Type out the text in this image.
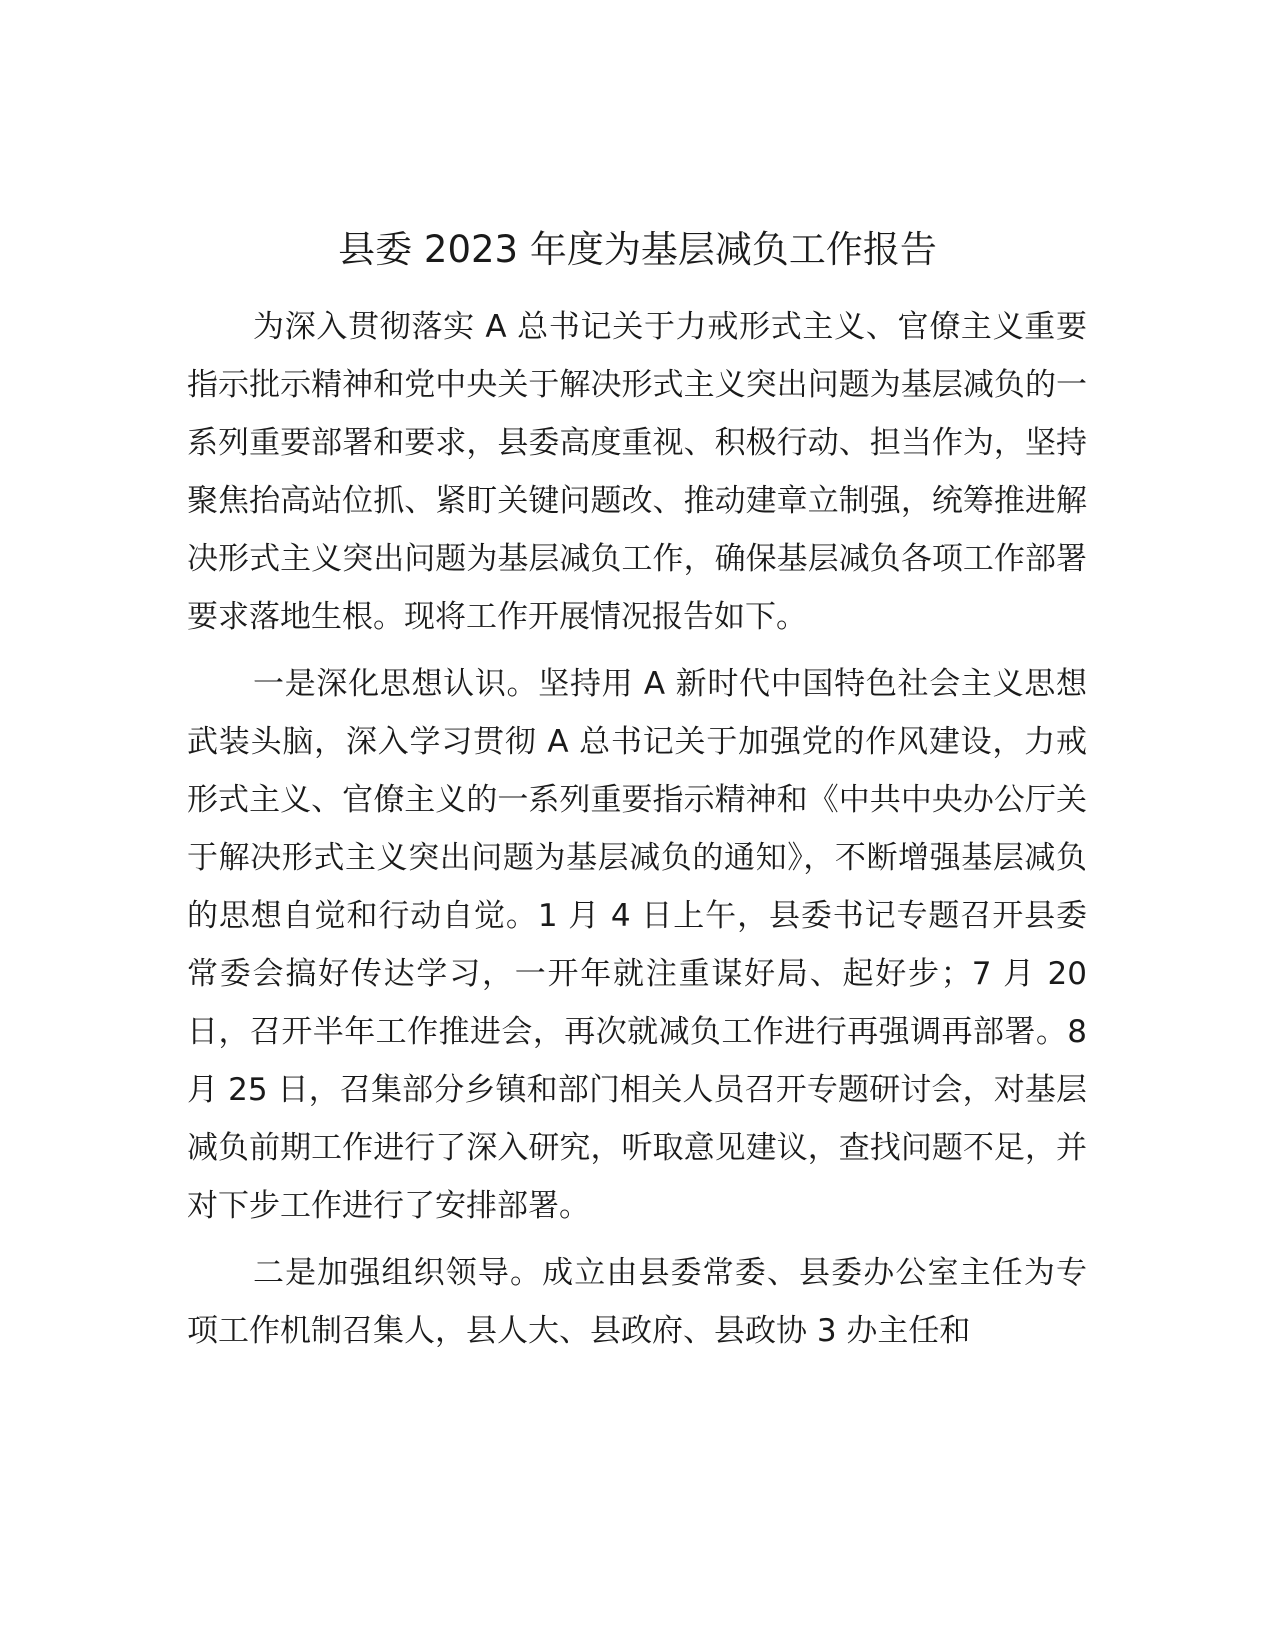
县委 2023 年度为基层减负工作报告

为深入贯彻落实 A 总书记关于力戒形式主义、官僚主义重要指示批示精神和党中央关于解决形式主义突出问题为基层减负的一系列重要部署和要求，县委高度重视、积极行动、担当作为，坚持聚焦抬高站位抓、紧盯关键问题改、推动建章立制强，统筹推进解决形式主义突出问题为基层减负工作，确保基层减负各项工作部署要求落地生根。现将工作开展情况报告如下。

一是深化思想认识。坚持用 A 新时代中国特色社会主义思想武装头脑，深入学习贯彻 A 总书记关于加强党的作风建设，力戒形式主义、官僚主义的一系列重要指示精神和《中共中央办公厅关于解决形式主义突出问题为基层减负的通知》，不断增强基层减负的思想自觉和行动自觉。1 月 4 日上午，县委书记专题召开县委常委会搞好传达学习，一开年就注重谋好局、起好步；7 月 20 日，召开半年工作推进会，再次就减负工作进行再强调再部署。8 月 25 日，召集部分乡镇和部门相关人员召开专题研讨会，对基层减负前期工作进行了深入研究，听取意见建议，查找问题不足，并对下步工作进行了安排部署。

二是加强组织领导。成立由县委常委、县委办公室主任为专项工作机制召集人，县人大、县政府、县政协 3 办主任和
